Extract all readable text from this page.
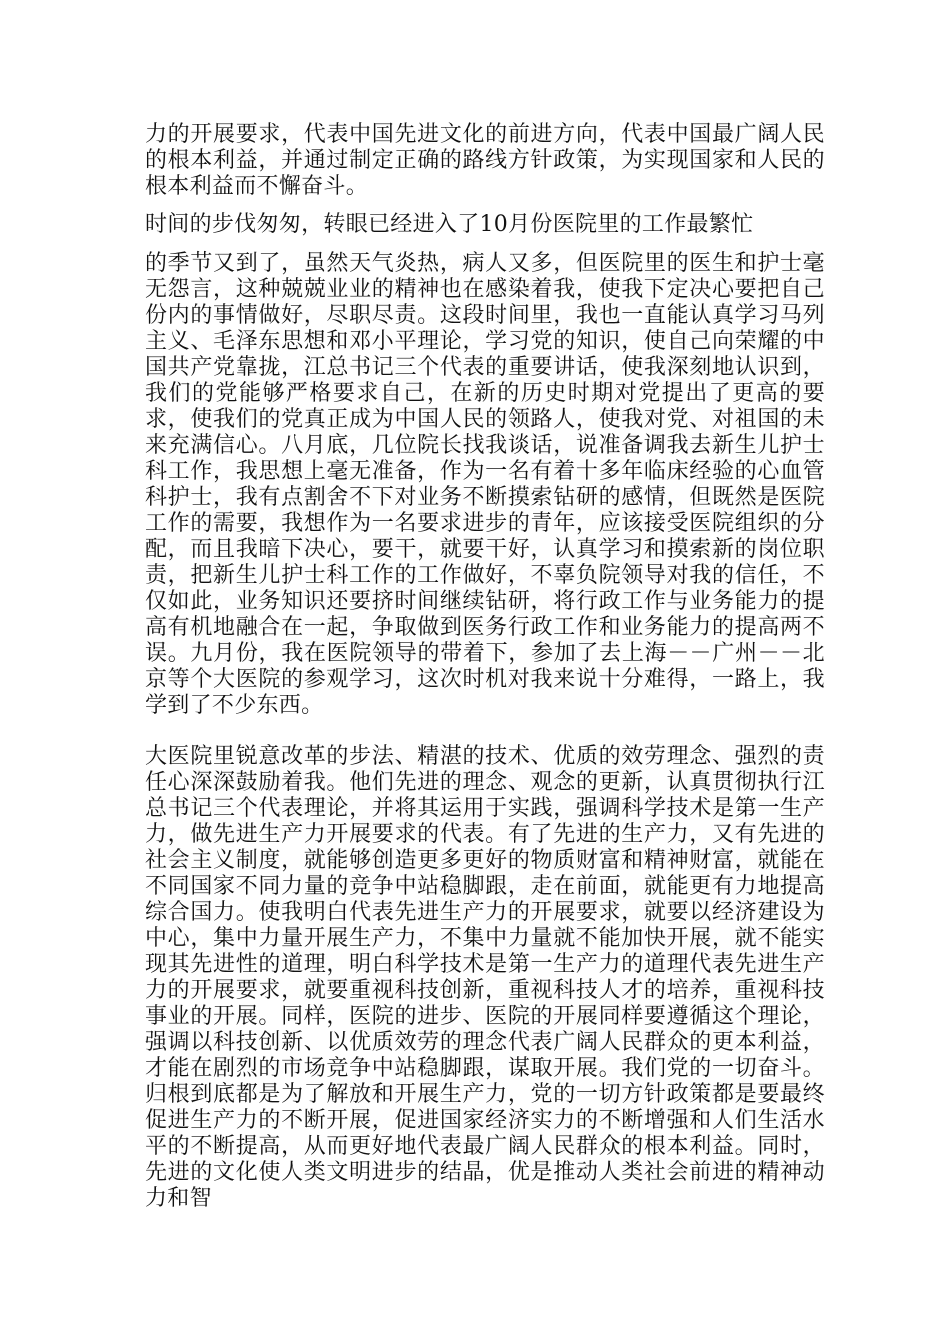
力的开展要求，代表中国先进文化的前进方向，代表中国最广阔人民的根本利益，并通过制定正确的路线方针政策，为实现国家和人民的根本利益而不懈奋斗。
时间的步伐匆匆，转眼已经进入了10月份医院里的工作最繁忙
的季节又到了，虽然天气炎热，病人又多，但医院里的医生和护士毫无怨言，这种兢兢业业的精神也在感染着我，使我下定决心要把自己份内的事情做好，尽职尽责。这段时间里，我也一直能认真学习马列主义、毛泽东思想和邓小平理论，学习党的知识，使自己向荣耀的中国共产党靠拢，江总书记三个代表的重要讲话，使我深刻地认识到，我们的党能够严格要求自己，在新的历史时期对党提出了更高的要求，使我们的党真正成为中国人民的领路人，使我对党、对祖国的未来充满信心。八月底，几位院长找我谈话，说准备调我去新生儿护士科工作，我思想上毫无准备，作为一名有着十多年临床经验的心血管科护士，我有点割舍不下对业务不断摸索钻研的感情，但既然是医院工作的需要，我想作为一名要求进步的青年，应该接受医院组织的分配，而且我暗下决心，要干，就要干好，认真学习和摸索新的岗位职责，把新生儿护士科工作的工作做好，不辜负院领导对我的信任，不仅如此，业务知识还要挤时间继续钻研，将行政工作与业务能力的提高有机地融合在一起，争取做到医务行政工作和业务能力的提高两不误。九月份，我在医院领导的带着下，参加了去上海－－广州－－北京等个大医院的参观学习，这次时机对我来说十分难得，一路上，我学到了不少东西。
大医院里锐意改革的步法、精湛的技术、优质的效劳理念、强烈的责任心深深鼓励着我。他们先进的理念、观念的更新，认真贯彻执行江总书记三个代表理论，并将其运用于实践，强调科学技术是第一生产力，做先进生产力开展要求的代表。有了先进的生产力，又有先进的社会主义制度，就能够创造更多更好的物质财富和精神财富，就能在不同国家不同力量的竞争中站稳脚跟，走在前面，就能更有力地提高综合国力。使我明白代表先进生产力的开展要求，就要以经济建设为中心，集中力量开展生产力，不集中力量就不能加快开展，就不能实现其先进性的道理，明白科学技术是第一生产力的道理代表先进生产力的开展要求，就要重视科技创新，重视科技人才的培养，重视科技事业的开展。同样，医院的进步、医院的开展同样要遵循这个理论，强调以科技创新、以优质效劳的理念代表广阔人民群众的更本利益，才能在剧烈的市场竞争中站稳脚跟，谋取开展。我们党的一切奋斗。归根到底都是为了解放和开展生产力，党的一切方针政策都是要最终促进生产力的不断开展，促进国家经济实力的不断增强和人们生活水平的不断提高，从而更好地代表最广阔人民群众的根本利益。同时，先进的文化使人类文明进步的结晶，优是推动人类社会前进的精神动力和智
